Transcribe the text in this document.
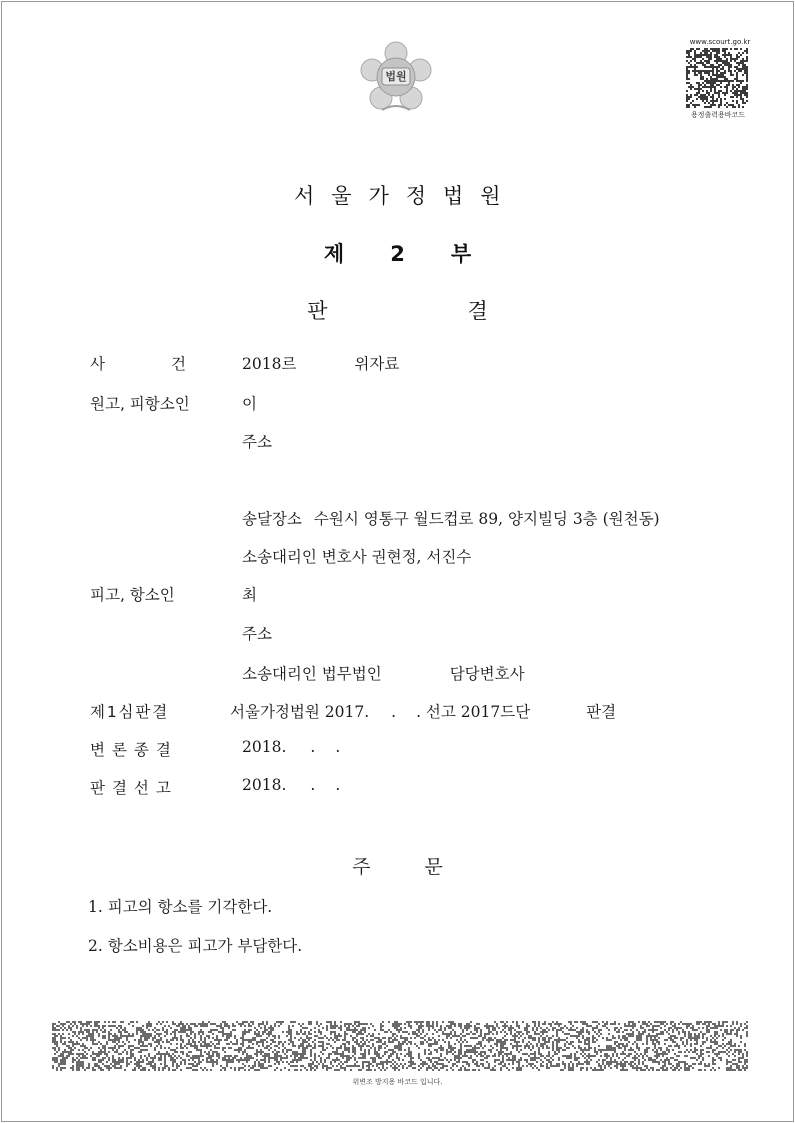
법원
www.scourt.go.kr
용정출력용바코드
서 울 가 정 법 원
제 2 부
판	결
사	건	2018르	위자료
원고, 피항소인	이
주소
송달장소 수원시 영통구 월드컵로 89, 양지빌딩 3층 (원천동)
소송대리인 변호사 권현정, 서진수
피고, 항소인	최
주소
소송대리인 법무법인	담당변호사
제1심판결	서울가정법원 2017. . . 선고 2017드단	판결
변론종결	2018. . .
판결선고	2018. . .
주	문
1. 피고의 항소를 기각한다.
2. 항소비용은 피고가 부담한다.
위변조 방지용 바코드 입니다.
